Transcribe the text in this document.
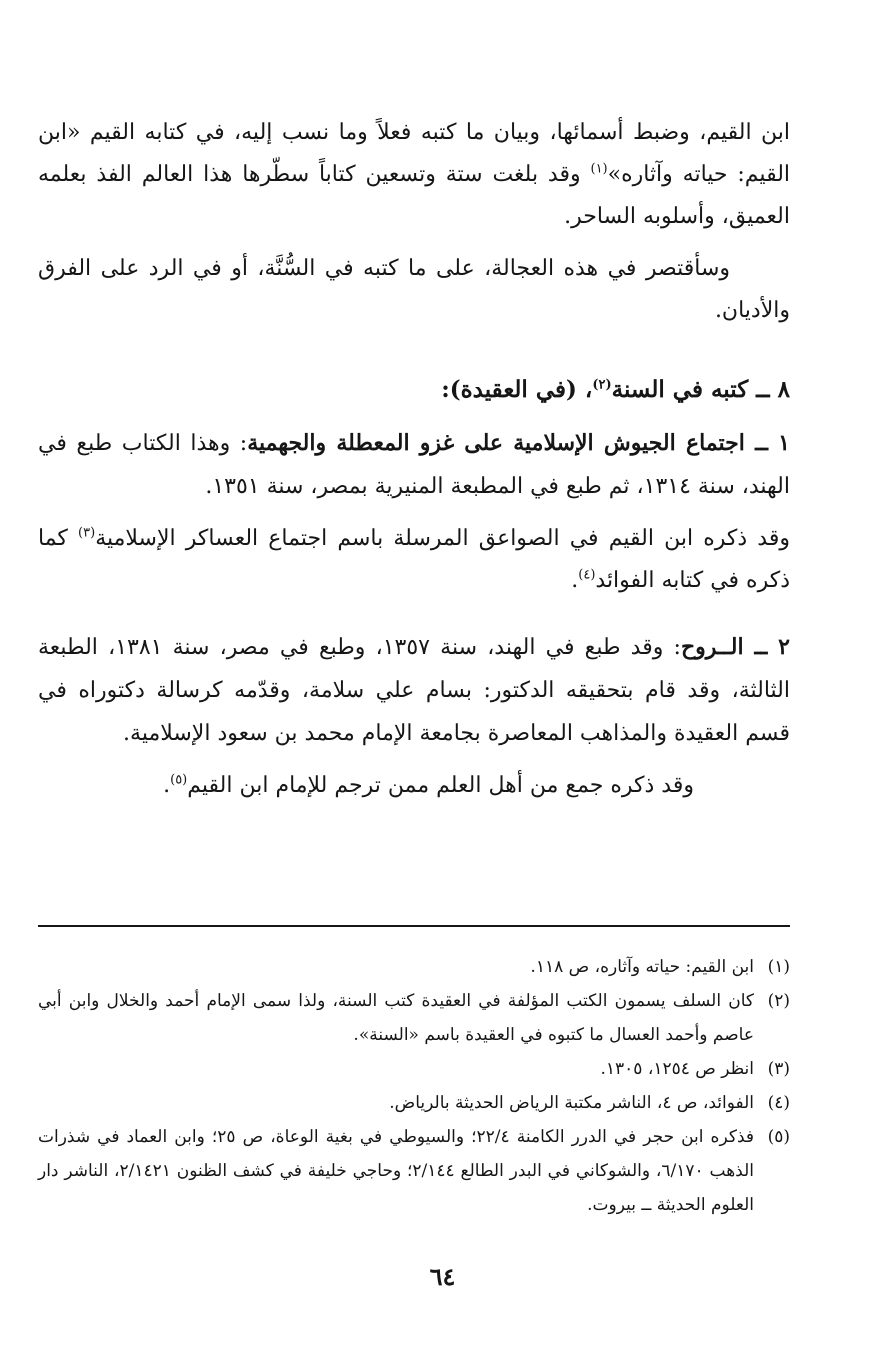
ابن القيم، وضبط أسمائها، وبيان ما كتبه فعلاً وما نسب إليه، في كتابه القيم «ابن القيم: حياته وآثاره»$^{(١)}$ وقد بلغت ستة وتسعين كتاباً سطّرها هذا العالم الفذ بعلمه العميق، وأسلوبه الساحر.

وسأقتصر في هذه العجالة، على ما كتبه في السُّنَّة، أو في الرد على الفرق والأديان.

٨ ــ كتبه في السنة$^{(٢)}$، (في العقيدة):

١ ــ اجتماع الجيوش الإسلامية على غزو المعطلة والجهمية: وهذا الكتاب طبع في الهند، سنة ١٣١٤، ثم طبع في المطبعة المنيرية بمصر، سنة ١٣٥١.

وقد ذكره ابن القيم في الصواعق المرسلة باسم اجتماع العساكر الإسلامية$^{(٣)}$ كما ذكره في كتابه الفوائد$^{(٤)}$.

٢ ــ الــروح: وقد طبع في الهند، سنة ١٣٥٧، وطبع في مصر، سنة ١٣٨١، الطبعة الثالثة، وقد قام بتحقيقه الدكتور: بسام علي سلامة، وقدّمه كرسالة دكتوراه في قسم العقيدة والمذاهب المعاصرة بجامعة الإمام محمد بن سعود الإسلامية.

وقد ذكره جمع من أهل العلم ممن ترجم للإمام ابن القيم$^{(٥)}$.

(١)
ابن القيم: حياته وآثاره، ص ١١٨.

(٢)
كان السلف يسمون الكتب المؤلفة في العقيدة كتب السنة، ولذا سمى الإمام أحمد والخلال وابن أبي عاصم وأحمد العسال ما كتبوه في العقيدة باسم «السنة».

(٣)
انظر ص ١٢٥٤، ١٣٠٥.

(٤)
الفوائد، ص ٤، الناشر مكتبة الرياض الحديثة بالرياض.

(٥)
فذكره ابن حجر في الدرر الكامنة ٢٢/٤؛ والسيوطي في بغية الوعاة، ص ٢٥؛ وابن العماد في شذرات الذهب ٦/١٧٠، والشوكاني في البدر الطالع ٢/١٤٤؛ وحاجي خليفة في كشف الظنون ٢/١٤٢١، الناشر دار العلوم الحديثة ــ بيروت.

٦٤
